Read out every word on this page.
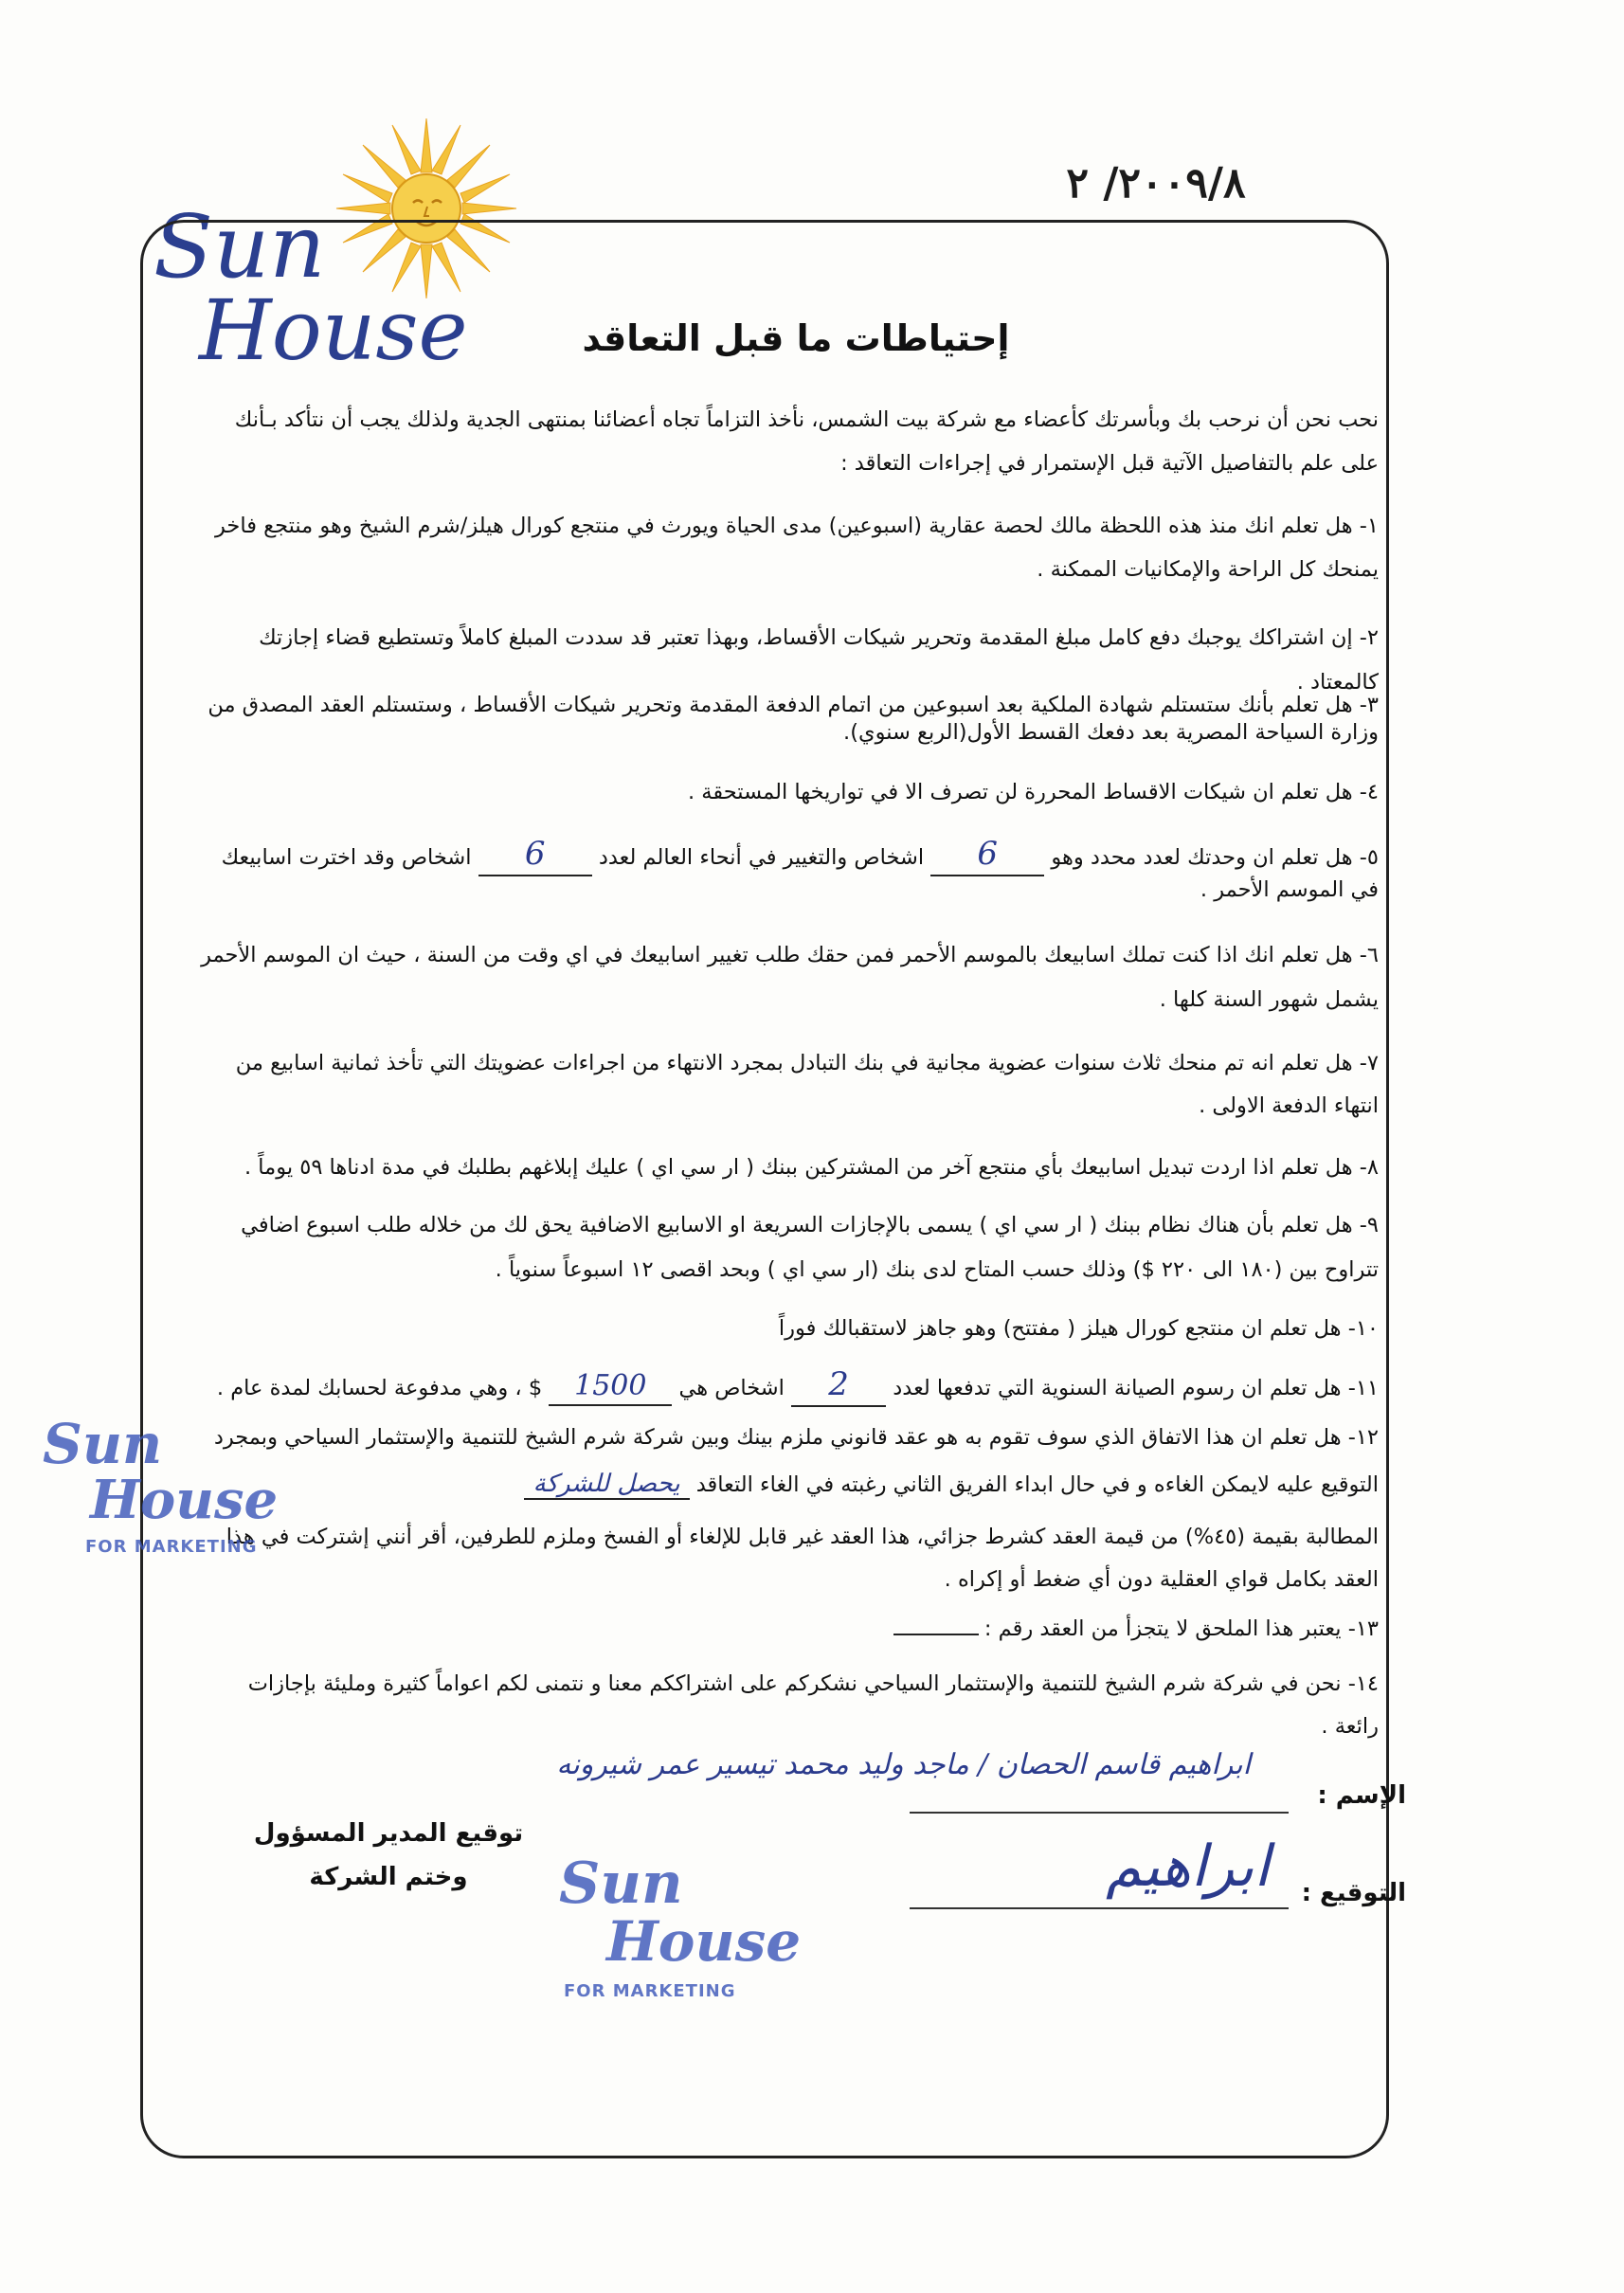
٢٠٠٩/٨/ ٢
Sun
House	إحتياطات ما قبل التعاقد
نحب نحن أن نرحب بك وبأسرتك كأعضاء مع شركة بيت الشمس، نأخذ التزاماً تجاه أعضائنا بمنتهى الجدية ولذلك يجب أن نتأكد بـأنك على علم بالتفاصيل الآتية قبل الإستمرار في إجراءات التعاقد :
١- هل تعلم انك منذ هذه اللحظة مالك لحصة عقارية (اسبوعين) مدى الحياة ويورث في منتجع كورال هيلز/شرم الشيخ وهو منتجع فاخر يمنحك كل الراحة والإمكانيات الممكنة .
٢- إن اشتراكك يوجبك دفع كامل مبلغ المقدمة وتحرير شيكات الأقساط، وبهذا تعتبر قد سددت المبلغ كاملاً وتستطيع قضاء إجازتك كالمعتاد .
٣- هل تعلم بأنك ستستلم شهادة الملكية بعد اسبوعين من اتمام الدفعة المقدمة وتحرير شيكات الأقساط ، وستستلم العقد المصدق من وزارة السياحة المصرية بعد دفعك القسط الأول(الربع سنوي).
٤- هل تعلم ان شيكات الاقساط المحررة لن تصرف الا في تواريخها المستحقة .
٥- هل تعلم ان وحدتك لعدد محدد وهو 6 اشخاص والتغيير في أنحاء العالم لعدد 6 اشخاص وقد اخترت اسابيعك في الموسم الأحمر .
٦- هل تعلم انك اذا كنت تملك اسابيعك بالموسم الأحمر فمن حقك طلب تغيير اسابيعك في اي وقت من السنة ، حيث ان الموسم الأحمر يشمل شهور السنة كلها .
٧- هل تعلم انه تم منحك ثلاث سنوات عضوية مجانية في بنك التبادل بمجرد الانتهاء من اجراءات عضويتك التي تأخذ ثمانية اسابيع من انتهاء الدفعة الاولى .
٨- هل تعلم اذا اردت تبديل اسابيعك بأي منتجع آخر من المشتركين ببنك ( ار سي اي ) عليك إبلاغهم بطلبك في مدة ادناها ٥٩ يوماً .
٩- هل تعلم بأن هناك نظام ببنك ( ار سي اي ) يسمى بالإجازات السريعة او الاسابيع الاضافية يحق لك من خلاله طلب اسبوع اضافي تتراوح بين (١٨٠ الى ٢٢٠ $) وذلك حسب المتاح لدى بنك (ار سي اي ) وبحد اقصى ١٢ اسبوعاً سنوياً .
١٠- هل تعلم ان منتجع كورال هيلز ( مفتتح) وهو جاهز لاستقبالك فوراً
١١- هل تعلم ان رسوم الصيانة السنوية التي تدفعها لعدد 2 اشخاص هي 1500 $ ، وهي مدفوعة لحسابك لمدة عام .
١٢- هل تعلم ان هذا الاتفاق الذي سوف تقوم به هو عقد قانوني ملزم بينك وبين شركة شرم الشيخ للتنمية والإستثمار السياحي وبمجرد التوقيع عليه لايمكن الغاءه و في حال ابداء الفريق الثاني رغبته في الغاء التعاقد يحصل للشركة
المطالبة بقيمة (٤٥%) من قيمة العقد كشرط جزائي، هذا العقد غير قابل للإلغاء أو الفسخ وملزم للطرفين، أقر أنني إشتركت في هذا العقد بكامل قواي العقلية دون أي ضغط أو إكراه .
١٣- يعتبر هذا الملحق لا يتجزأ من العقد رقم :
١٤- نحن في شركة شرم الشيخ للتنمية والإستثمار السياحي نشكركم على اشتراككم معنا و نتمنى لكم اعواماً كثيرة ومليئة بإجازات رائعة .
ابراهيم قاسم الحصان / ماجد وليد محمد تيسير عمر شيرونه
الإسم :
التوقيع :
ابراهيم
توقيع المدير المسؤول
وختم الشركة
Sun
House
FOR MARKETING
Sun
House
FOR MARKETING
